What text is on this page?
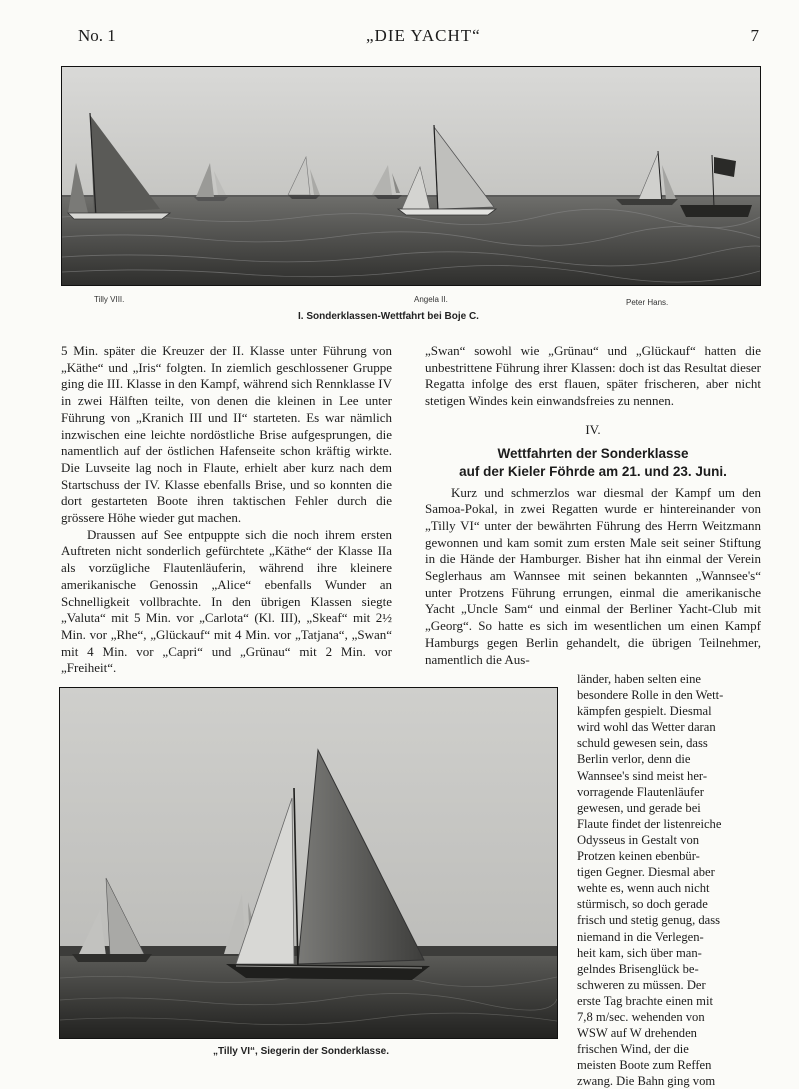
No. 1	„DIE YACHT“	7
Tilly VIII.	Angela II.	Peter Hans.
I. Sonderklassen-Wettfahrt bei Boje C.

5 Min. später die Kreuzer der II. Klasse unter Führung von „Käthe“ und „Iris“ folgten. In ziemlich geschlossener Gruppe ging die III. Klasse in den Kampf, während sich Rennklasse IV in zwei Hälften teilte, von denen die kleinen in Lee unter Führung von „Kranich III und II“ starteten. Es war nämlich inzwischen eine leichte nordöstliche Brise aufgesprungen, die namentlich auf der östlichen Hafenseite schon kräftig wirkte. Die Luvseite lag noch in Flaute, erhielt aber kurz nach dem Startschuss der IV. Klasse ebenfalls Brise, und so konnten die dort gestarteten Boote ihren taktischen Fehler durch die grössere Höhe wieder gut machen.

Draussen auf See entpuppte sich die noch ihrem ersten Auftreten nicht sonderlich gefürchtete „Käthe“ der Klasse IIa als vorzügliche Flautenläuferin, während ihre kleinere amerikanische Genossin „Alice“ ebenfalls Wunder an Schnelligkeit vollbrachte. In den übrigen Klassen siegte „Valuta“ mit 5 Min. vor „Carlota“ (Kl. III), „Skeaf“ mit 2½ Min. vor „Rhe“, „Glückauf“ mit 4 Min. vor „Tatjana“, „Swan“ mit 4 Min. vor „Capri“ und „Grünau“ mit 2 Min. vor „Freiheit“.

„Swan“ sowohl wie „Grünau“ und „Glückauf“ hatten die unbestrittene Führung ihrer Klassen: doch ist das Resultat dieser Regatta infolge des erst flauen, später frischeren, aber nicht stetigen Windes kein einwandsfreies zu nennen.

IV.
Wettfahrten der Sonderklasse
auf der Kieler Föhrde am 21. und 23. Juni.

Kurz und schmerzlos war diesmal der Kampf um den Samoa-Pokal, in zwei Regatten wurde er hintereinander von „Tilly VI“ unter der bewährten Führung des Herrn Weitzmann gewonnen und kam somit zum ersten Male seit seiner Stiftung in die Hände der Hamburger. Bisher hat ihn einmal der Verein Seglerhaus am Wannsee mit seinen bekannten „Wannsee's“ unter Protzens Führung errungen, einmal die amerikanische Yacht „Uncle Sam“ und einmal der Berliner Yacht-Club mit „Georg“. So hatte es sich im wesentlichen um einen Kampf Hamburgs gegen Berlin gehandelt, die übrigen Teilnehmer, namentlich die Aus-

länder, haben selten eine
besondere Rolle in den Wett-
kämpfen gespielt. Diesmal
wird wohl das Wetter daran
schuld gewesen sein, dass
Berlin verlor, denn die
Wannsee's sind meist her-
vorragende Flautenläufer
gewesen, und gerade bei
Flaute findet der listenreiche
Odysseus in Gestalt von
Protzen keinen ebenbür-
tigen Gegner. Diesmal aber
wehte es, wenn auch nicht
stürmisch, so doch gerade
frisch und stetig genug, dass
niemand in die Verlegen-
heit kam, sich über man-
gelndes Brisenglück be-
schweren zu müssen. Der
erste Tag brachte einen mit
7,8 m/sec. wehenden von
WSW auf W drehenden
frischen Wind, der die
meisten Boote zum Reffen
zwang. Die Bahn ging vom
„Tilly VI“, Siegerin der Sonderklasse.
